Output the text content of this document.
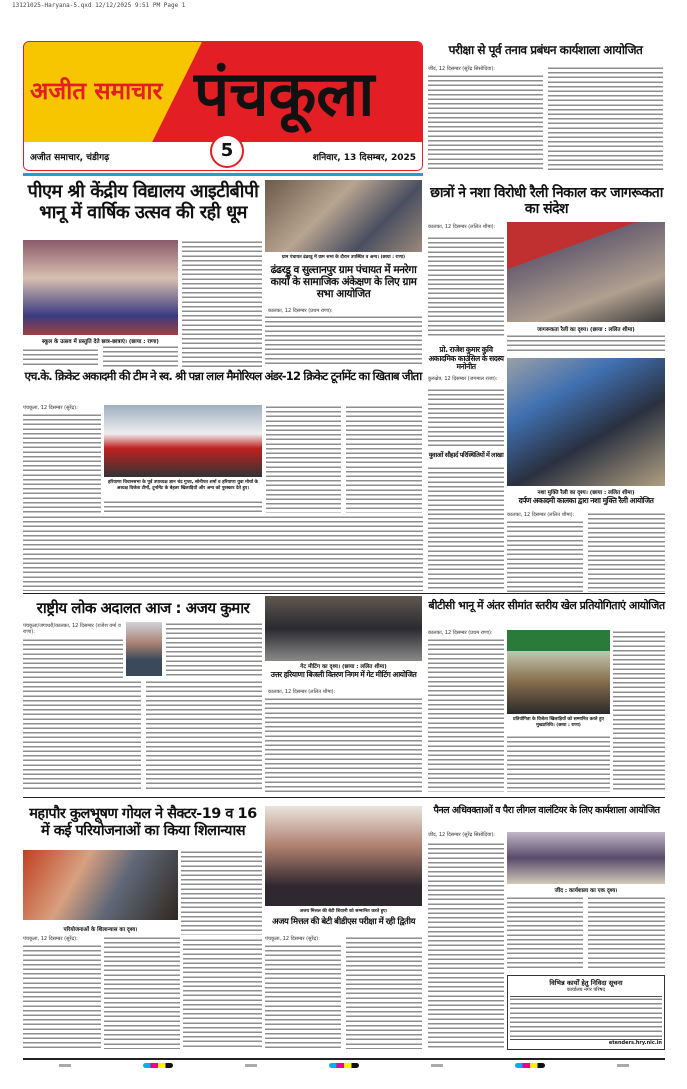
13121025-Haryana-5.qxd 12/12/2025 9:51 PM Page 1
अजीत समाचार पंचकूला
अजीत समाचार, चंडीगढ़	5	शनिवार, 13 दिसम्बर, 2025
परीक्षा से पूर्व तनाव प्रबंधन कार्यशाला आयोजित
जींद, 12 दिसम्बर (सुरेंद्र सिसोदिया):
पीएम श्री केंद्रीय विद्यालय आइटीबीपी भानू में वार्षिक उत्सव की रही धूम
स्कूल के उत्सव में प्रस्तुति देते छात्र-छात्राएं। (छाया : राणा)
ग्राम पंचायत ढंढरडू में ग्राम सभा के दौरान उपस्थित व अन्य। (छाया : राणा)
ढंढरडू व सुल्तानपुर ग्राम पंचायत में मनरेगा कार्यों के सामाजिक अंकेक्षण के लिए ग्राम सभा आयोजित
कालका, 12 दिसम्बर (प्रथम राणा):
छात्रों ने नशा विरोधी रैली निकाल कर जागरूकता का संदेश
कालका, 12 दिसम्बर (ललित शीमा):
जागरूकता रैली का दृश्य। (छाया : ललित शीमा)
प्रो. राजेश कुमार कुवि अकादमिक काउंसिल के सदस्य मनोनीत
कुरुक्षेत्र, 12 दिसम्बर (जगमाल राजा):
नशा मुक्ति रैली का दृश्य। (छाया : ललित शीमा)
एच.के. क्रिकेट अकादमी की टीम ने स्व. श्री पन्ना लाल मैमोरियल अंडर-12 क्रिकेट टूर्नामेंट का खिताब जीता
पंचकूला, 12 दिसम्बर (सुरेंद्र):
हरियाणा विधानसभा के पूर्व उपाध्यक्ष ज्ञान चंद गुप्ता, सोनीपत शर्मा व हरियाणा युवा मोर्चा के अध्यक्ष विजेता टीमों, टूर्नामेंट के बेहतर खिलाड़ियों और अन्य को पुरस्कार देते हुए।
युवाओं सौहार्द परिस्थितियों में लाखा
दर्पण अकादमी कालका द्वारा नशा मुक्ति रैली आयोजित
कालका, 12 दिसम्बर (ललित शीमा):
राष्ट्रीय लोक अदालत आज : अजय कुमार
पंचकूला/जगाधरी/कालका, 12 दिसम्बर (राजेश वर्मा व राणा):
गेट मीटिंग का दृश्य। (छाया : ललित शीमा)
उत्तर हरियाणा बिजली वितरण निगम में गेट मीटिंग आयोजित
कालका, 12 दिसम्बर (ललित शीमा):
बीटीसी भानू में अंतर सीमांत स्तरीय खेल प्रतियोगिताएं आयोजित
कालका, 12 दिसम्बर (प्रथम राणा):
प्रतियोगिता के विजेता खिलाड़ियों को सम्मानित करते हुए मुख्यातिथि। (छाया : राणा)
महापौर कुलभूषण गोयल ने सैक्टर-19 व 16 में कई परियोजनाओं का किया शिलान्यास
परियोजनाओं के शिलान्यास का दृश्य।
पंचकूला, 12 दिसम्बर (सुरेंद्र):
अजय मित्तल की बेटी शिवानी को सम्मानित करते हुए।
अजय मित्तल की बेटी बीडीएस परीक्षा में रही द्वितीय
पंचकूला, 12 दिसम्बर (सुरेंद्र):
पैनल अधिवक्ताओं व पैरा लीगल वालंटियर के लिए कार्यशाला आयोजित
जींद, 12 दिसम्बर (सुरेंद्र सिसोदिया):
जींद : कार्यशाला का एक दृश्य।
विभिन्न कार्यों हेतु निविदा सूचना
कार्यालय नगर परिषद
etenders.hry.nic.in
